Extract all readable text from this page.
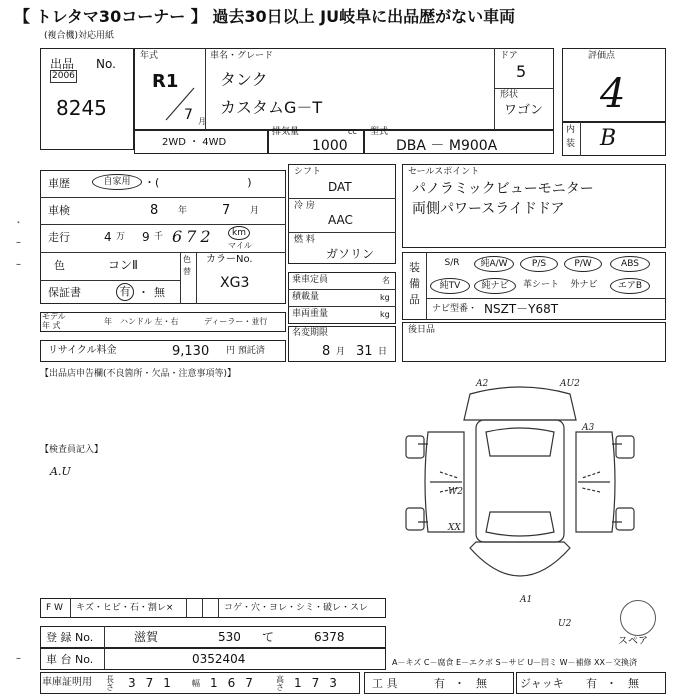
【 トレタマ30コーナー 】 過去30日以上 JU岐阜に出品歴がない車両
(複合機)対応用紙
出品 No.
2006
8245
年式
R1
7 月
車名・グレード
タンク
カスタムG－T
ドア
5
形状
ワゴン
評価点
4
内
装 B
2WD ・ 4WD
排気量	cc
1000
型式
DBA － M900A
車歴	自家用	・(　　　　　　　　)
車検	8 年	7 月
走行	4 万 9 千 672	km
マイル
色	コンⅡ	色
替
カラーNo.
XG3
保証書	有 ・ 無
モデル
年 式	年 ハンドル 左・右	ディーラー・並行
リサイクル料金	9,130 円 預託済
シフト
DAT
冷 房
AAC
燃 料
ガソリン
乗車定員	名
積載量	kg
車両重量	kg
名変期限
8 月 31 日
セールスポイント
パノラミックビューモニター
両側パワースライドドア
装
備
品
S/R	純A/W	P/S	P/W	ABS
純TV	純ナビ	革シート	外ナビ	エアB
ナビ型番・ NSZT－Y68T
後日品
【出品店申告欄(不良箇所・欠品・注意事項等)】
【検査員記入】
A.U
˛
–
–
–
A2	AU2
A3
W2
XX
A1
U2
スペア
F W キズ・ヒビ・石・割レ×	コゲ・穴・ヨレ・シミ・破レ・スレ
登 録 No.	滋賀	530 て	6378
車 台 No.	0352404	A－キズ C－腐食 E－エクボ S－サビ U－凹ミ W－補修 XX－交換済
車庫証明用 長さ 371 幅 167 高さ 173 工 具	有 ・ 無	ジャッキ 有 ・ 無
